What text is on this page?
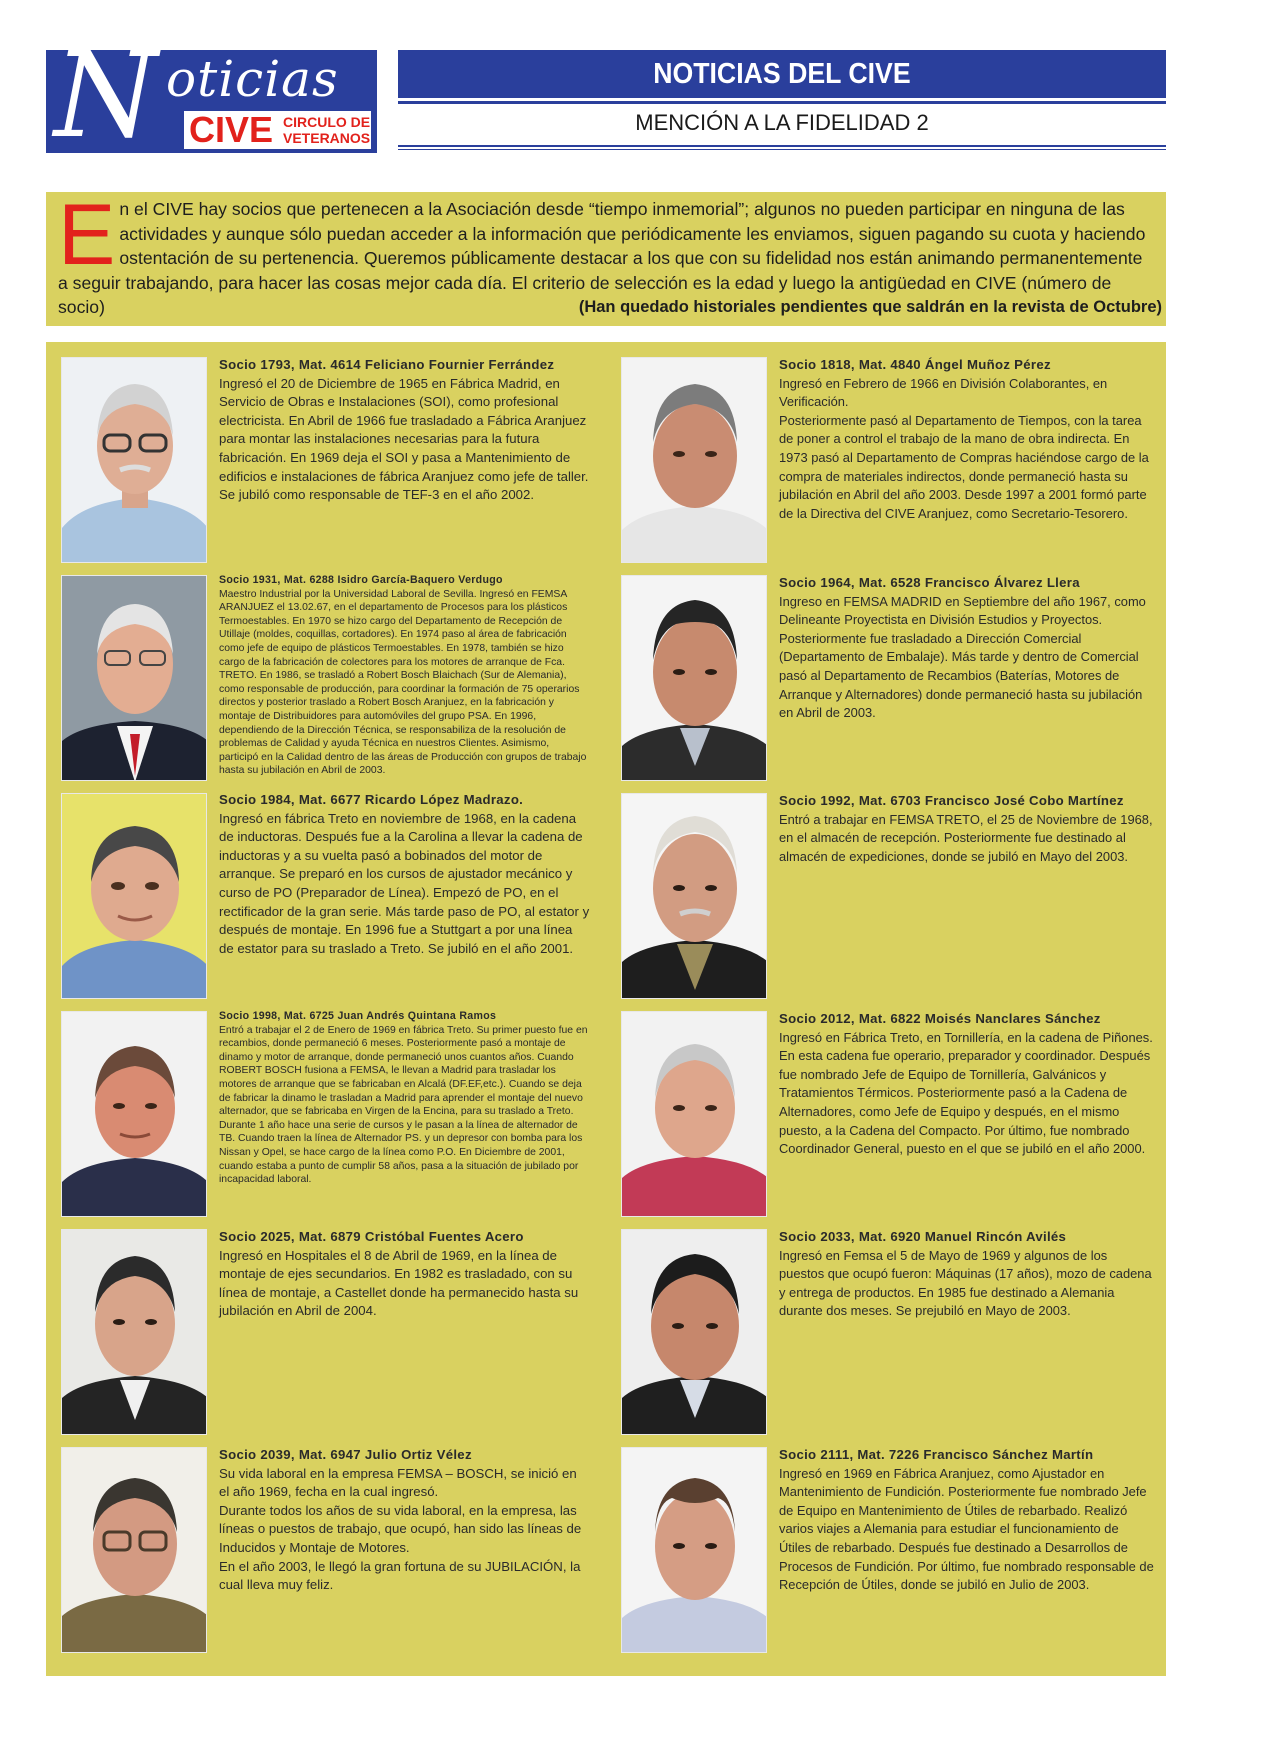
N oticias
CIVE CIRCULO DE
VETERANOS
NOTICIAS DEL CIVE
MENCIÓN A LA FIDELIDAD 2
E n el CIVE hay socios que pertenecen a la Asociación desde “tiempo inmemorial”; algunos no pueden participar en ninguna de las actividades y aunque sólo puedan acceder a la información que periódicamente les enviamos, siguen pagando su cuota y haciendo ostentación de su pertenencia. Queremos públicamente destacar a los que con su fidelidad nos están animando permanentemente a seguir trabajando, para hacer las cosas mejor cada día. El criterio de selección es la edad y luego la antigüedad en CIVE (número de socio)	(Han quedado historiales pendientes que saldrán en la revista de Octubre)
Socio 1793, Mat. 4614 Feliciano Fournier Ferrández

Ingresó el 20 de Diciembre de 1965 en Fábrica Madrid, en Servicio de Obras e Instalaciones (SOI), como profesional electricista. En Abril de 1966 fue trasladado a Fábrica Aranjuez para montar las instalaciones necesarias para la futura fabricación. En 1969 deja el SOI y pasa a Mantenimiento de edificios e instalaciones de fábrica Aranjuez como jefe de taller. Se jubiló como responsable de TEF-3 en el año 2002.

Socio 1931, Mat. 6288 Isidro García-Baquero Verdugo

Maestro Industrial por la Universidad Laboral de Sevilla. Ingresó en FEMSA ARANJUEZ el 13.02.67, en el departamento de Procesos para los plásticos Termoestables. En 1970 se hizo cargo del Departamento de Recepción de Utillaje (moldes, coquillas, cortadores). En 1974 paso al área de fabricación como jefe de equipo de plásticos Termoestables. En 1978, también se hizo cargo de la fabricación de colectores para los motores de arranque de Fca. TRETO. En 1986, se trasladó a Robert Bosch Blaichach (Sur de Alemania), como responsable de producción, para coordinar la formación de 75 operarios directos y posterior traslado a Robert Bosch Aranjuez, en la fabricación y montaje de Distribuidores para automóviles del grupo PSA. En 1996, dependiendo de la Dirección Técnica, se responsabiliza de la resolución de problemas de Calidad y ayuda Técnica en nuestros Clientes. Asimismo, participó en la Calidad dentro de las áreas de Producción con grupos de trabajo hasta su jubilación en Abril de 2003.

Socio 1984, Mat. 6677 Ricardo López Madrazo.

Ingresó en fábrica Treto en noviembre de 1968, en la cadena de inductoras. Después fue a la Carolina a llevar la cadena de inductoras y a su vuelta pasó a bobinados del motor de arranque. Se preparó en los cursos de ajustador mecánico y curso de PO (Preparador de Línea). Empezó de PO, en el rectificador de la gran serie. Más tarde paso de PO, al estator y después de montaje. En 1996 fue a Stuttgart a por una línea de estator para su traslado a Treto. Se jubiló en el año 2001.

Socio 1998, Mat. 6725 Juan Andrés Quintana Ramos

Entró a trabajar el 2 de Enero de 1969 en fábrica Treto. Su primer puesto fue en recambios, donde permaneció 6 meses. Posteriormente pasó a montaje de dinamo y motor de arranque, donde permaneció unos cuantos años. Cuando ROBERT BOSCH fusiona a FEMSA, le llevan a Madrid para trasladar los motores de arranque que se fabricaban en Alcalá (DF.EF,etc.). Cuando se deja de fabricar la dinamo le trasladan a Madrid para aprender el montaje del nuevo alternador, que se fabricaba en Virgen de la Encina, para su traslado a Treto. Durante 1 año hace una serie de cursos y le pasan a la línea de alternador de TB. Cuando traen la línea de Alternador PS. y un depresor con bomba para los Nissan y Opel, se hace cargo de la línea como P.O. En Diciembre de 2001, cuando estaba a punto de cumplir 58 años, pasa a la situación de jubilado por incapacidad laboral.

Socio 2025, Mat. 6879 Cristóbal Fuentes Acero

Ingresó en Hospitales el 8 de Abril de 1969, en la línea de montaje de ejes secundarios. En 1982 es trasladado, con su línea de montaje, a Castellet donde ha permanecido hasta su jubilación en Abril de 2004.

Socio 2039, Mat. 6947 Julio Ortiz Vélez

Su vida laboral en la empresa FEMSA – BOSCH, se inició en el año 1969, fecha en la cual ingresó.

Durante todos los años de su vida laboral, en la empresa, las líneas o puestos de trabajo, que ocupó, han sido las líneas de Inducidos y Montaje de Motores.

En el año 2003, le llegó la gran fortuna de su JUBILACIÓN, la cual lleva muy feliz.

Socio 1818, Mat. 4840 Ángel Muñoz Pérez

Ingresó en Febrero de 1966 en División Colaborantes, en Verificación.

Posteriormente pasó al Departamento de Tiempos, con la tarea de poner a control el trabajo de la mano de obra indirecta. En 1973 pasó al Departamento de Compras haciéndose cargo de la compra de materiales indirectos, donde permaneció hasta su jubilación en Abril del año 2003. Desde 1997 a 2001 formó parte de la Directiva del CIVE Aranjuez, como Secretario-Tesorero.

Socio 1964, Mat. 6528 Francisco Álvarez Llera

Ingreso en FEMSA MADRID en Septiembre del año 1967, como Delineante Proyectista en División Estudios y Proyectos. Posteriormente fue trasladado a Dirección Comercial (Departamento de Embalaje). Más tarde y dentro de Comercial pasó al Departamento de Recambios (Baterías, Motores de Arranque y Alternadores) donde permaneció hasta su jubilación en Abril de 2003.

Socio 1992, Mat. 6703 Francisco José Cobo Martínez

Entró a trabajar en FEMSA TRETO, el 25 de Noviembre de 1968, en el almacén de recepción. Posteriormente fue destinado al almacén de expediciones, donde se jubiló en Mayo del 2003.

Socio 2012, Mat. 6822 Moisés Nanclares Sánchez

Ingresó en Fábrica Treto, en Tornillería, en la cadena de Piñones. En esta cadena fue operario, preparador y coordinador. Después fue nombrado Jefe de Equipo de Tornillería, Galvánicos y Tratamientos Térmicos. Posteriormente pasó a la Cadena de Alternadores, como Jefe de Equipo y después, en el mismo puesto, a la Cadena del Compacto. Por último, fue nombrado Coordinador General, puesto en el que se jubiló en el año 2000.

Socio 2033, Mat. 6920 Manuel Rincón Avilés

Ingresó en Femsa el 5 de Mayo de 1969 y algunos de los puestos que ocupó fueron: Máquinas (17 años), mozo de cadena y entrega de productos. En 1985 fue destinado a Alemania durante dos meses. Se prejubiló en Mayo de 2003.

Socio 2111, Mat. 7226 Francisco Sánchez Martín

Ingresó en 1969 en Fábrica Aranjuez, como Ajustador en Mantenimiento de Fundición. Posteriormente fue nombrado Jefe de Equipo en Mantenimiento de Útiles de rebarbado. Realizó varios viajes a Alemania para estudiar el funcionamiento de Útiles de rebarbado. Después fue destinado a Desarrollos de Procesos de Fundición. Por último, fue nombrado responsable de Recepción de Útiles, donde se jubiló en Julio de 2003.
